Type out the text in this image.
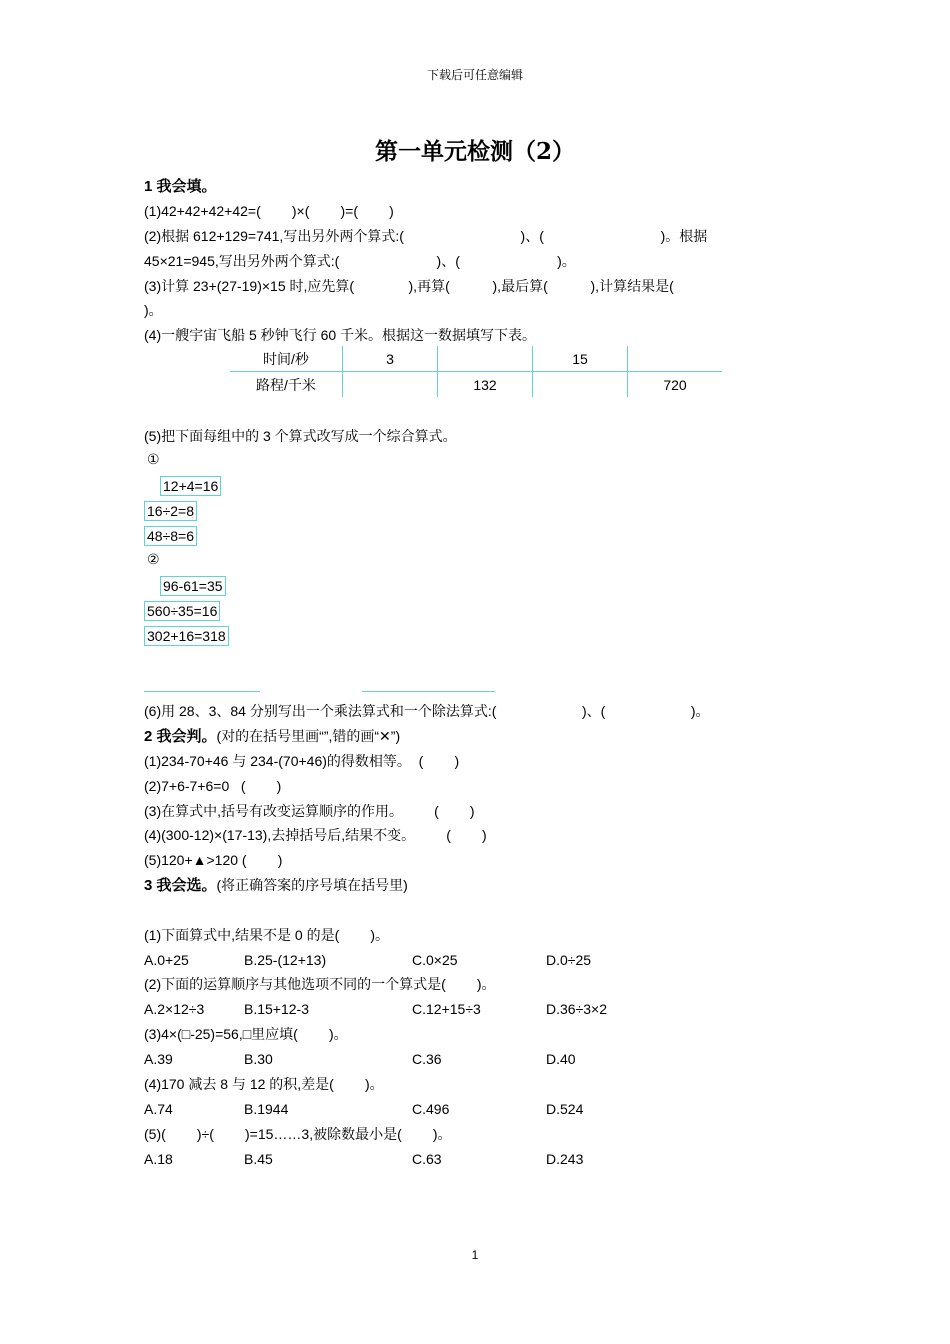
下载后可任意编辑
第一单元检测（2）
1 我会填。
(1)42+42+42+42=(        )×(        )=(        )
(2)根据 612+129=741,写出另外两个算式:(                              )、(                              )。根据
45×21=945,写出另外两个算式:(                         )、(                         )。
(3)计算 23+(27-19)×15 时,应先算(              ),再算(           ),最后算(           ),计算结果是(
)。
(4)一艘宇宙飞船 5 秒钟飞行 60 千米。根据这一数据填写下表。
时间/秒	3		15	
路程/千米		132		720
(5)把下面每组中的 3 个算式改写成一个综合算式。
①
12+4=16
16÷2=8
48÷8=6
②
96-61=35
560÷35=16
302+16=318
(6)用 28、3、84 分别写出一个乘法算式和一个除法算式:(                      )、(                      )。
2 我会判。(对的在括号里画“”,错的画“✕”)
(1)234-70+46 与 234-(70+46)的得数相等。  (        )
(2)7+6-7+6=0   (        )
(3)在算式中,括号有改变运算顺序的作用。        (        )
(4)(300-12)×(17-13),去掉括号后,结果不变。        (        )
(5)120+▲>120 (        )
3 我会选。(将正确答案的序号填在括号里)
(1)下面算式中,结果不是 0 的是(        )。
A.0+25	B.25-(12+13)	C.0×25	D.0÷25
(2)下面的运算顺序与其他选项不同的一个算式是(        )。
A.2×12÷3	B.15+12-3	C.12+15÷3	D.36÷3×2
(3)4×(□-25)=56,□里应填(        )。
A.39	B.30	C.36	D.40
(4)170 减去 8 与 12 的积,差是(        )。
A.74	B.1944	C.496	D.524
(5)(        )÷(        )=15……3,被除数最小是(        )。
A.18	B.45	C.63	D.243
1
